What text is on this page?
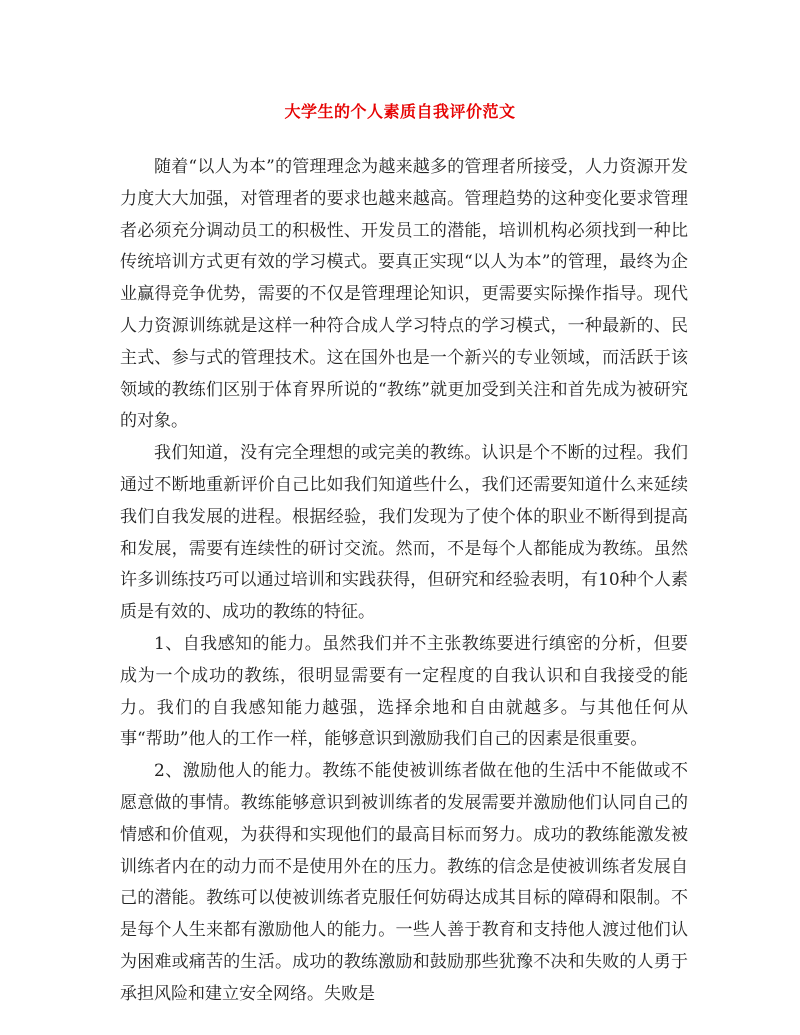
大学生的个人素质自我评价范文

随着“以人为本”的管理理念为越来越多的管理者所接受，人力资源开发力度大大加强，对管理者的要求也越来越高。管理趋势的这种变化要求管理者必须充分调动员工的积极性、开发员工的潜能，培训机构必须找到一种比传统培训方式更有效的学习模式。要真正实现“以人为本”的管理，最终为企业赢得竞争优势，需要的不仅是管理理论知识，更需要实际操作指导。现代人力资源训练就是这样一种符合成人学习特点的学习模式，一种最新的、民主式、参与式的管理技术。这在国外也是一个新兴的专业领域，而活跃于该领域的教练们区别于体育界所说的“教练”就更加受到关注和首先成为被研究的对象。

我们知道，没有完全理想的或完美的教练。认识是个不断的过程。我们通过不断地重新评价自己比如我们知道些什么，我们还需要知道什么来延续我们自我发展的进程。根据经验，我们发现为了使个体的职业不断得到提高和发展，需要有连续性的研讨交流。然而，不是每个人都能成为教练。虽然许多训练技巧可以通过培训和实践获得，但研究和经验表明，有10种个人素质是有效的、成功的教练的特征。

1、自我感知的能力。虽然我们并不主张教练要进行缜密的分析，但要成为一个成功的教练，很明显需要有一定程度的自我认识和自我接受的能力。我们的自我感知能力越强，选择余地和自由就越多。与其他任何从事“帮助”他人的工作一样，能够意识到激励我们自己的因素是很重要。

2、激励他人的能力。教练不能使被训练者做在他的生活中不能做或不愿意做的事情。教练能够意识到被训练者的发展需要并激励他们认同自己的情感和价值观，为获得和实现他们的最高目标而努力。成功的教练能激发被训练者内在的动力而不是使用外在的压力。教练的信念是使被训练者发展自己的潜能。教练可以使被训练者克服任何妨碍达成其目标的障碍和限制。不是每个人生来都有激励他人的能力。一些人善于教育和支持他人渡过他们认为困难或痛苦的生活。成功的教练激励和鼓励那些犹豫不决和失败的人勇于承担风险和建立安全网络。失败是
